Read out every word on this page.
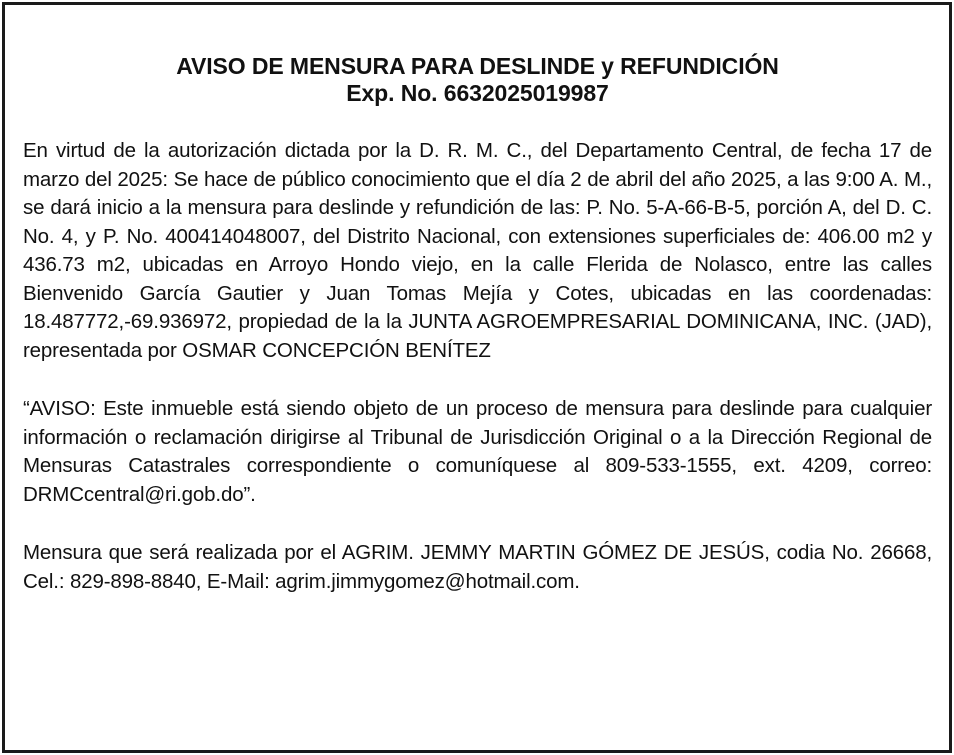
AVISO DE MENSURA PARA DESLINDE y REFUNDICIÓN
Exp. No. 6632025019987

En virtud de la autorización dictada por la D. R. M. C., del Departamento Central, de fecha 17 de marzo del 2025: Se hace de público conocimiento que el día 2 de abril del año 2025, a las 9:00 A. M., se dará inicio a la mensura para deslinde y refundición de las: P. No. 5-A-66-B-5, porción A, del D. C. No. 4, y P. No. 400414048007, del Distrito Nacional, con extensiones superficiales de: 406.00 m2 y 436.73 m2, ubicadas en Arroyo Hondo viejo, en la calle Flerida de Nolasco, entre las calles Bienvenido García Gautier y Juan Tomas Mejía y Cotes, ubicadas en las coordenadas: 18.487772,-69.936972, propiedad de la la JUNTA AGROEMPRESARIAL DOMINICANA, INC. (JAD), representada por OSMAR CONCEPCIÓN BENÍTEZ

“AVISO: Este inmueble está siendo objeto de un proceso de mensura para deslinde para cualquier información o reclamación dirigirse al Tribunal de Jurisdicción Original o a la Dirección Regional de Mensuras Catastrales correspondiente o comuníquese al 809-533-1555, ext. 4209, correo: DRMCcentral@ri.gob.do”.

Mensura que será realizada por el AGRIM. JEMMY MARTIN GÓMEZ DE JESÚS, codia No. 26668, Cel.: 829-898-8840, E-Mail: agrim.jimmygomez@hotmail.com.
